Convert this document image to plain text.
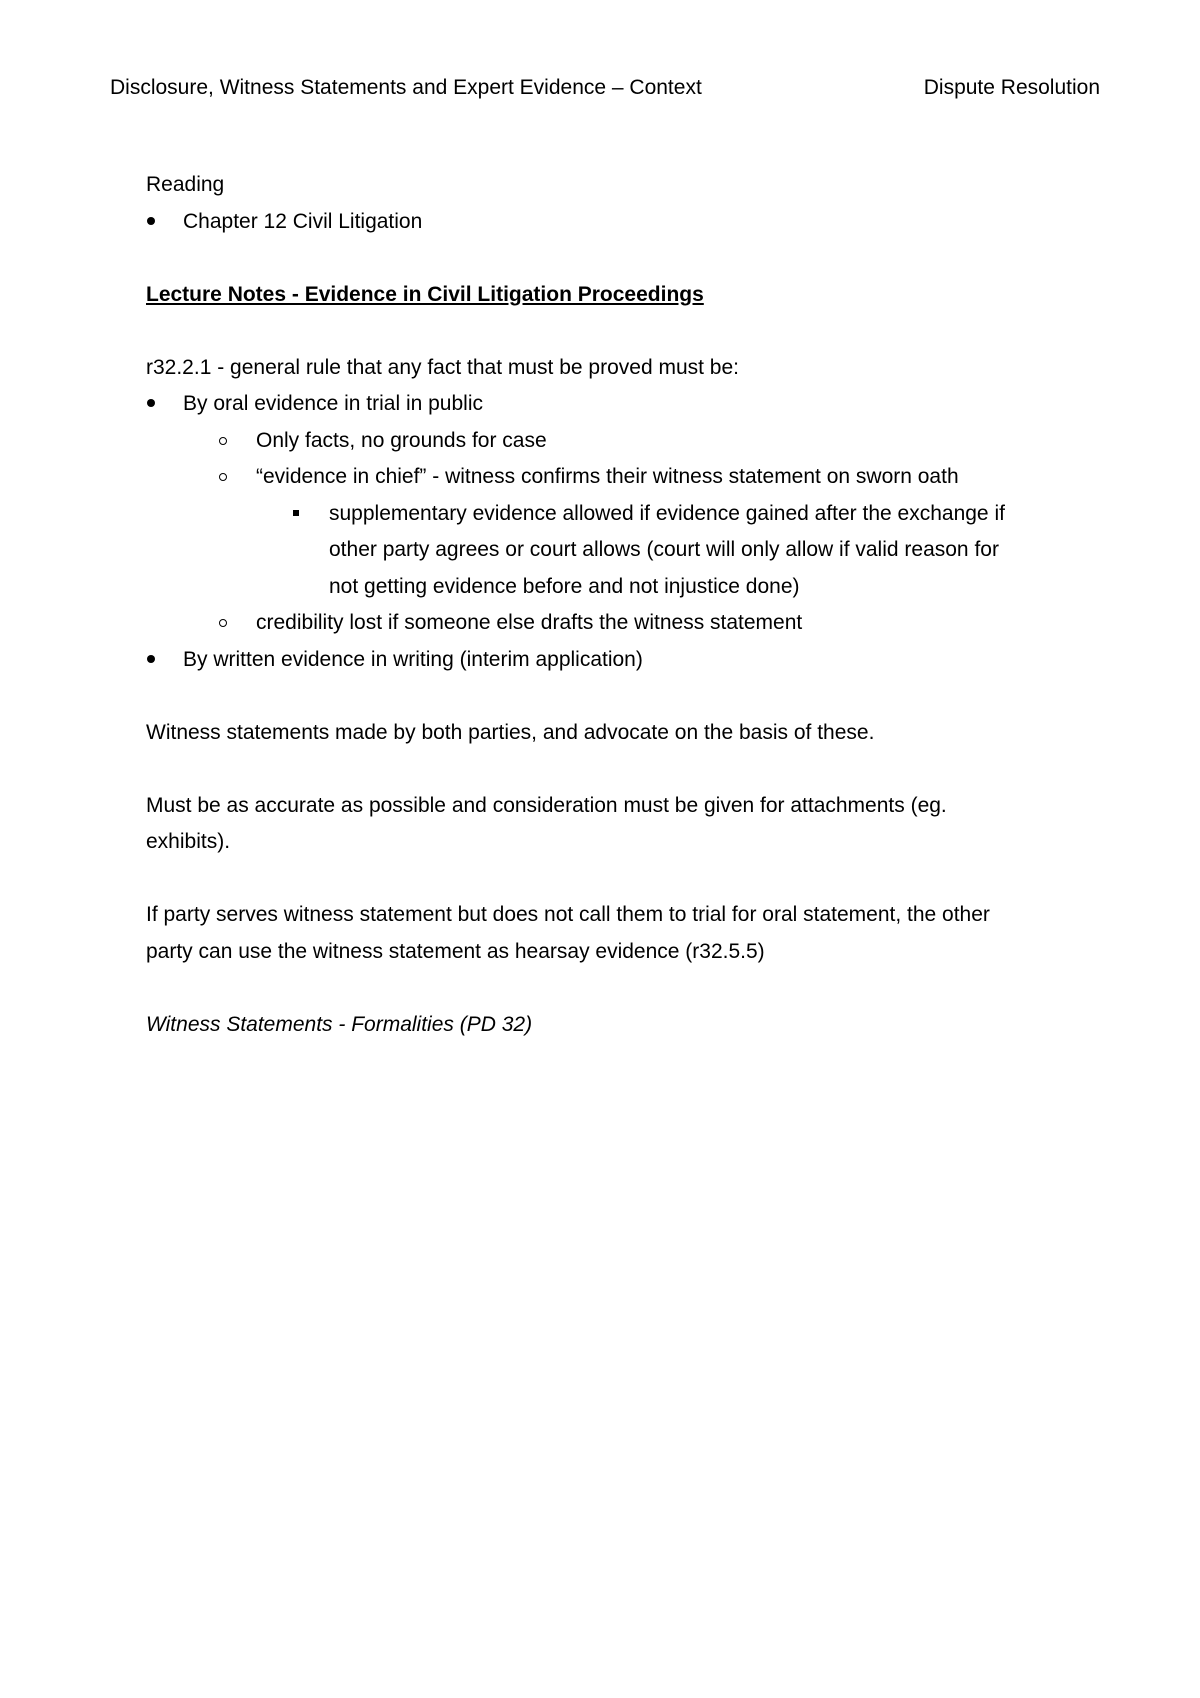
Disclosure, Witness Statements and Expert Evidence – Context	Dispute Resolution
Reading
Chapter 12 Civil Litigation
Lecture Notes - Evidence in Civil Litigation Proceedings
r32.2.1 - general rule that any fact that must be proved must be:
By oral evidence in trial in public
Only facts, no grounds for case
“evidence in chief” - witness confirms their witness statement on sworn oath
supplementary evidence allowed if evidence gained after the exchange if
other party agrees or court allows (court will only allow if valid reason for
not getting evidence before and not injustice done)
credibility lost if someone else drafts the witness statement
By written evidence in writing (interim application)
Witness statements made by both parties, and advocate on the basis of these.
Must be as accurate as possible and consideration must be given for attachments (eg.
exhibits).
If party serves witness statement but does not call them to trial for oral statement, the other
party can use the witness statement as hearsay evidence (r32.5.5)
Witness Statements - Formalities (PD 32)
